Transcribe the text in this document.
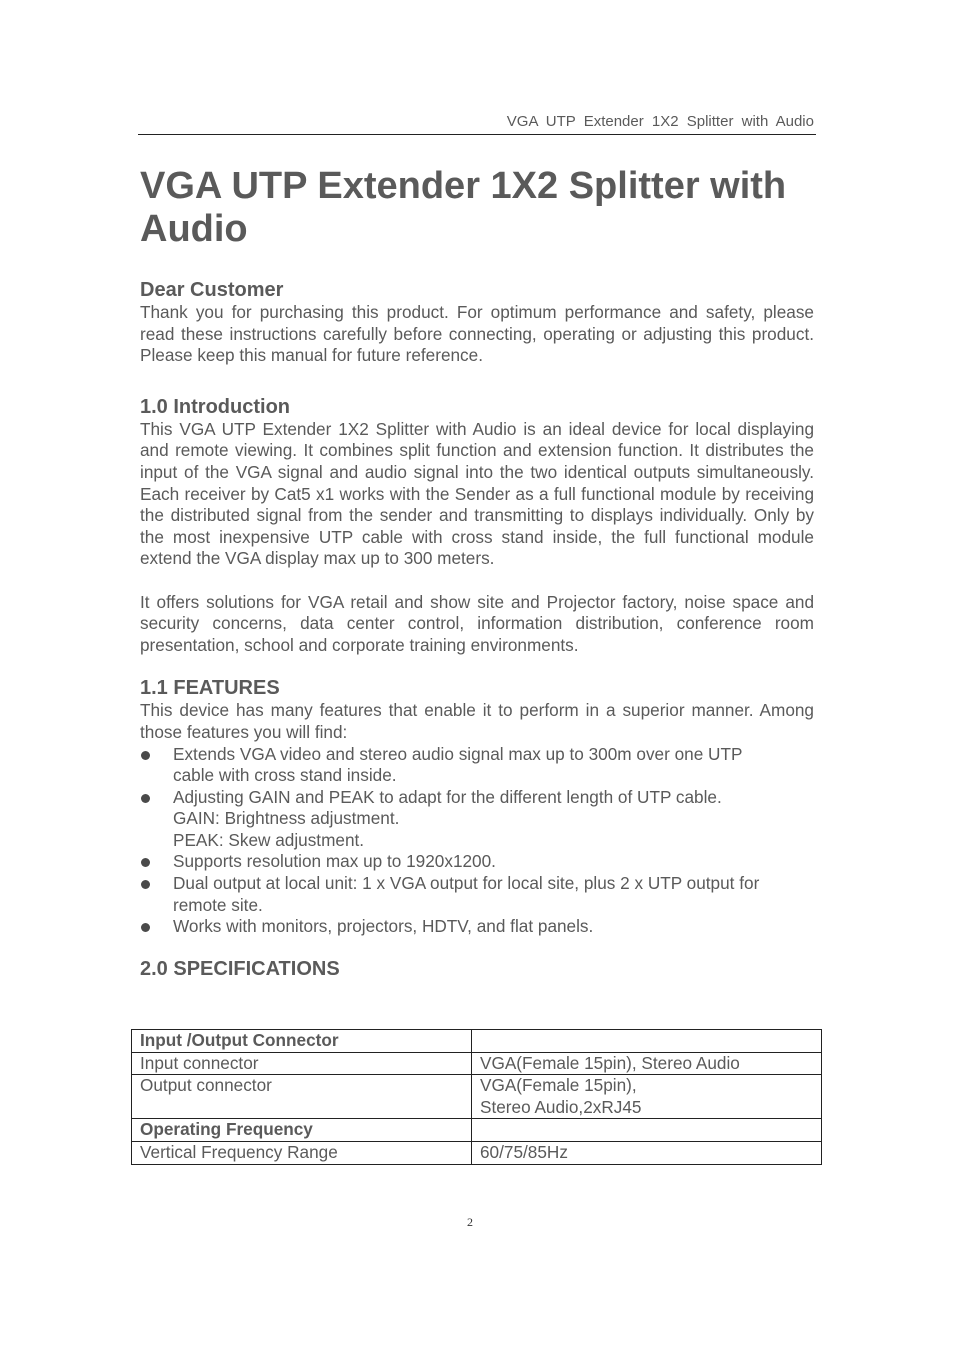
VGA UTP Extender 1X2 Splitter with Audio
VGA UTP Extender 1X2 Splitter with Audio
Dear Customer

Thank you for purchasing this product. For optimum performance and safety, please read these instructions carefully before connecting, operating or adjusting this product. Please keep this manual for future reference.

1.0 Introduction

This VGA UTP Extender 1X2 Splitter with Audio is an ideal device for local displaying and remote viewing. It combines split function and extension function. It distributes the input of the VGA signal and audio signal into the two identical outputs simultaneously. Each receiver by Cat5 x1 works with the Sender as a full functional module by receiving the distributed signal from the sender and transmitting to displays individually. Only by the most inexpensive UTP cable with cross stand inside, the full functional module extend the VGA display max up to 300 meters.

It offers solutions for VGA retail and show site and Projector factory, noise space and security concerns, data center control, information distribution, conference room presentation, school and corporate training environments.

1.1 FEATURES

This device has many features that enable it to perform in a superior manner. Among those features you will find:

Extends VGA video and stereo audio signal max up to 300m over one UTP
cable with cross stand inside.
Adjusting GAIN and PEAK to adapt for the different length of UTP cable.
GAIN: Brightness adjustment.
PEAK: Skew adjustment.
Supports resolution max up to 1920x1200.
Dual output at local unit: 1 x VGA output for local site, plus 2 x UTP output for
remote site.
Works with monitors, projectors, HDTV, and flat panels.
2.0 SPECIFICATIONS
Input /Output Connector	

Input connector	VGA(Female 15pin), Stereo Audio

Output connector	VGA(Female 15pin),
Stereo Audio,2xRJ45

Operating Frequency	

Vertical Frequency Range	60/75/85Hz
2
